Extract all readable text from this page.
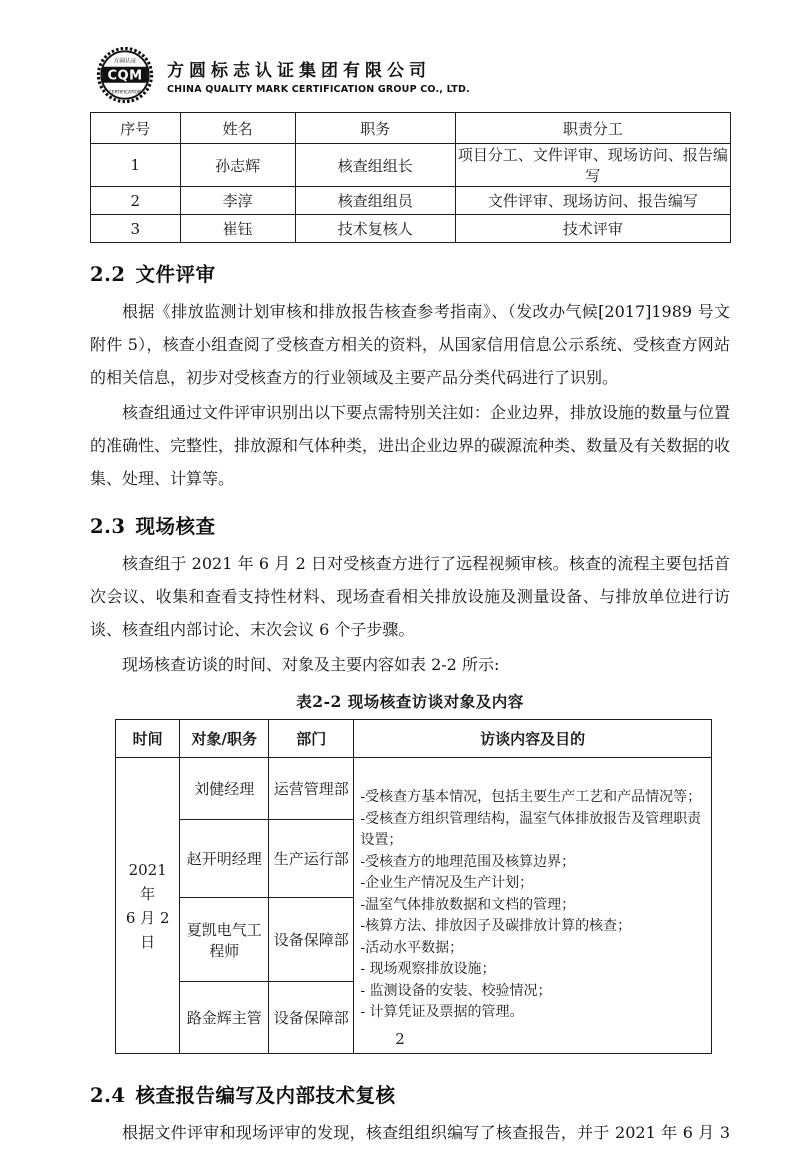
CQM
方圆认证
CERTIFICATION
方圆标志认证集团有限公司
CHINA QUALITY MARK CERTIFICATION GROUP CO., LTD.
序号	姓名	职务	职责分工
1	孙志辉	核查组组长	项目分工、文件评审、现场访问、报告编写
2	李淳	核查组组员	文件评审、现场访问、报告编写
3	崔钰	技术复核人	技术评审
2.2 文件评审

根据《排放监测计划审核和排放报告核查参考指南》、（发改办气候[2017]1989 号文附件 5），核查小组查阅了受核查方相关的资料，从国家信用信息公示系统、受核查方网站的相关信息，初步对受核查方的行业领域及主要产品分类代码进行了识别。

核查组通过文件评审识别出以下要点需特别关注如：企业边界，排放设施的数量与位置的准确性、完整性，排放源和气体种类，进出企业边界的碳源流种类、数量及有关数据的收集、处理、计算等。

2.3 现场核查

核查组于 2021 年 6 月 2 日对受核查方进行了远程视频审核。核查的流程主要包括首次会议、收集和查看支持性材料、现场查看相关排放设施及测量设备、与排放单位进行访谈、核查组内部讨论、末次会议 6 个子步骤。

现场核查访谈的时间、对象及主要内容如表 2-2 所示:

表2-2 现场核查访谈对象及内容
时间	对象/职务	部门	访谈内容及目的

2021 年
6 月 2 日
	刘健经理	运营管理部	-受核查方基本情况，包括主要生产工艺和产品情况等；
-受核查方组织管理结构，温室气体排放报告及管理职责设置；
-受核查方的地理范围及核算边界；
-企业生产情况及生产计划；
-温室气体排放数据和文档的管理；
-核算方法、排放因子及碳排放计算的核查；
-活动水平数据；
- 现场观察排放设施；
- 监测设备的安装、校验情况；
- 计算凭证及票据的管理。

	赵开明经理	生产运行部	
	夏凯电气工程师	设备保障部	
	路金辉主管	设备保障部	
2.4 核查报告编写及内部技术复核

根据文件评审和现场评审的发现，核查组组织编写了核查报告，并于 2021 年 6 月 3

2
